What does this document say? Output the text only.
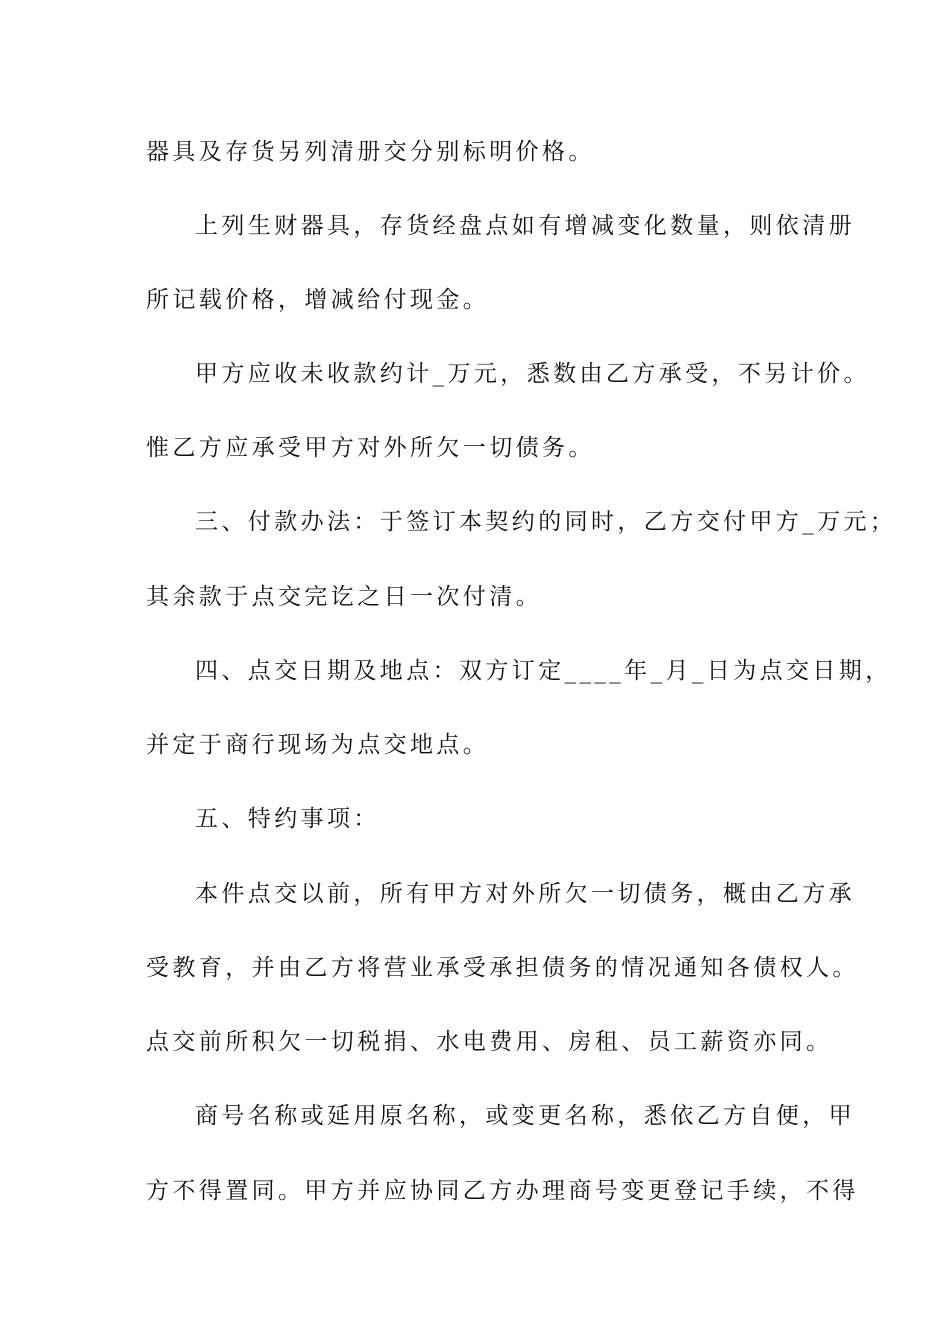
器具及存货另列清册交分别标明价格。

上列生财器具，存货经盘点如有增减变化数量，则依清册

所记载价格，增减给付现金。

甲方应收未收款约计_万元，悉数由乙方承受，不另计价。

惟乙方应承受甲方对外所欠一切债务。

三、付款办法：于签订本契约的同时，乙方交付甲方_万元；

其余款于点交完讫之日一次付清。

四、点交日期及地点：双方订定____年_月_日为点交日期，

并定于商行现场为点交地点。

五、特约事项：

本件点交以前，所有甲方对外所欠一切债务，概由乙方承

受教育，并由乙方将营业承受承担债务的情况通知各债权人。

点交前所积欠一切税捐、水电费用、房租、员工薪资亦同。

商号名称或延用原名称，或变更名称，悉依乙方自便，甲

方不得置同。甲方并应协同乙方办理商号变更登记手续，不得
